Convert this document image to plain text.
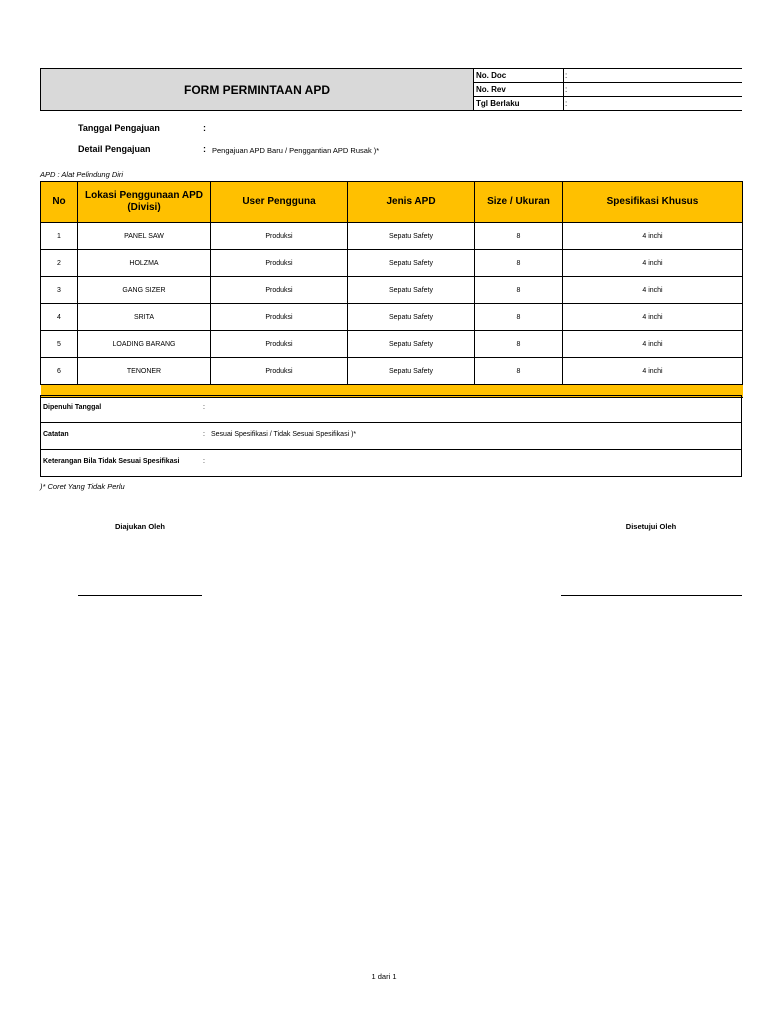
FORM PERMINTAAN APD
No. Doc	:
No. Rev	:
Tgl Berlaku	:
Tanggal Pengajuan	:
Detail Pengajuan	: Pengajuan APD Baru / Penggantian APD Rusak )*
APD : Alat Pelindung Diri
No	Lokasi Penggunaan APD (Divisi)	User Pengguna	Jenis APD	Size / Ukuran	Spesifikasi Khusus
1	PANEL SAW	Produksi	Sepatu Safety	8	4 inchi
2	HOLZMA	Produksi	Sepatu Safety	8	4 inchi
3	GANG SIZER	Produksi	Sepatu Safety	8	4 inchi
4	SRITA	Produksi	Sepatu Safety	8	4 inchi
5	LOADING BARANG	Produksi	Sepatu Safety	8	4 inchi
6	TENONER	Produksi	Sepatu Safety	8	4 inchi

Dipenuhi Tanggal	:
Catatan	: Sesuai Spesifikasi / Tidak Sesuai Spesifikasi )*
Keterangan Bila Tidak Sesuai Spesifikasi	:
)* Coret Yang Tidak Perlu
Diajukan Oleh	Disetujui Oleh
1 dari 1
